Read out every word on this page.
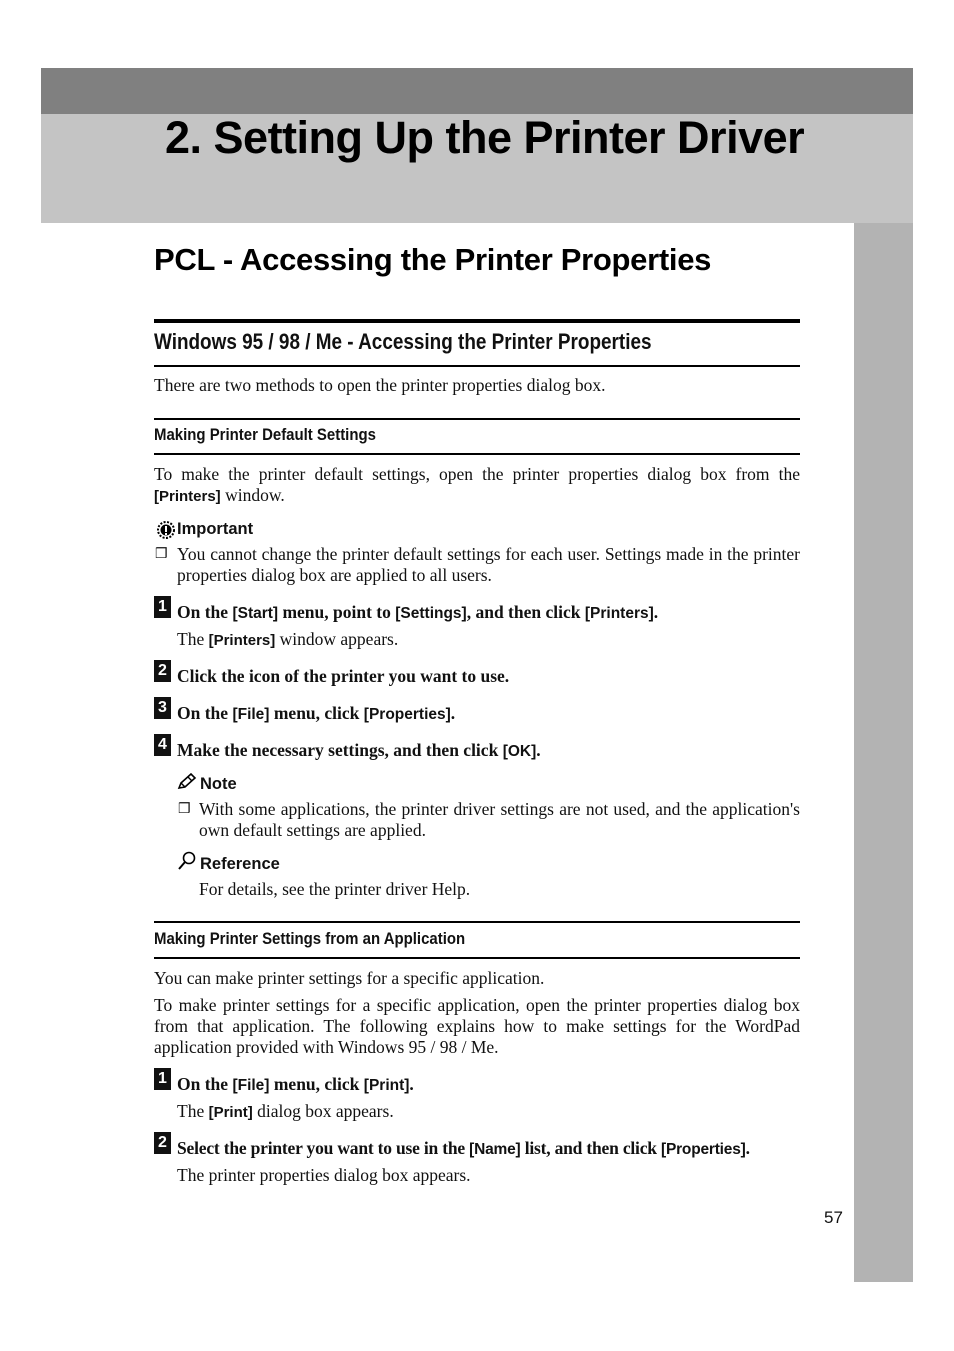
2. Setting Up the Printer Driver
PCL - Accessing the Printer Properties
Windows 95 / 98 / Me - Accessing the Printer Properties

There are two methods to open the printer properties dialog box.

Making Printer Default Settings

To make the printer default settings, open the printer properties dialog box from the [Printers] window.

Important

❒ You cannot change the printer default settings for each user. Settings made in the printer properties dialog box are applied to all users.

1 On the [Start] menu, point to [Settings], and then click [Printers].

The [Printers] window appears.

2 Click the icon of the printer you want to use.

3 On the [File] menu, click [Properties].

4 Make the necessary settings, and then click [OK].

Note

❒ With some applications, the printer driver settings are not used, and the application's own default settings are applied.

Reference

For details, see the printer driver Help.

Making Printer Settings from an Application

You can make printer settings for a specific application.

To make printer settings for a specific application, open the printer properties dialog box from that application. The following explains how to make settings for the WordPad application provided with Windows 95 / 98 / Me.

1 On the [File] menu, click [Print].

The [Print] dialog box appears.

2 Select the printer you want to use in the [Name] list, and then click [Properties].

The printer properties dialog box appears.

57
